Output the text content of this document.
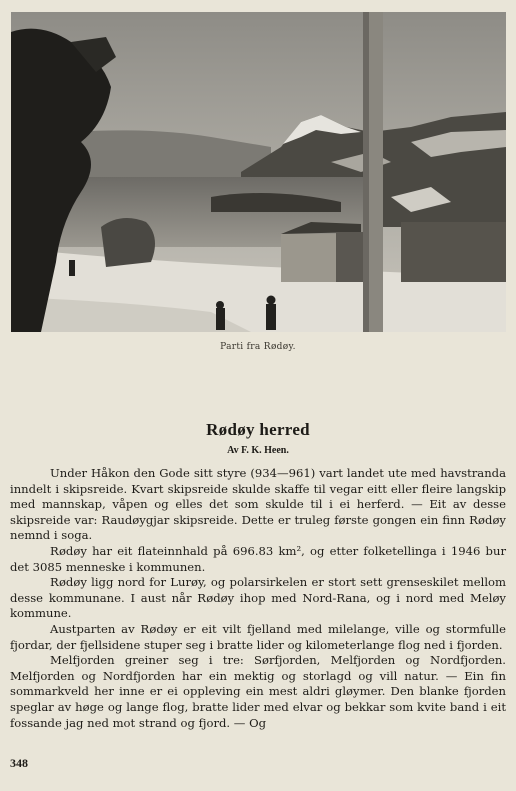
Parti fra Rødøy.
Rødøy herred
Av F. K. Heen.

Under Håkon den Gode sitt styre (934—961) vart landet ute med havstranda inndelt i skipsreide. Kvart skipsreide skulde skaffe til vegar eitt eller fleire langskip med mannskap, våpen og elles det som skulde til i ei herferd. — Eit av desse skipsreide var: Raudøygjar skipsreide. Dette er truleg første gongen ein finn Rødøy nemnd i soga.

Rødøy har eit flateinnhald på 696.83 km², og etter folketellinga i 1946 bur det 3085 menneske i kommunen.

Rødøy ligg nord for Lurøy, og polarsirkelen er stort sett grenseskilet mellom desse kommunane. I aust når Rødøy ihop med Nord-Rana, og i nord med Meløy kommune.

Austparten av Rødøy er eit vilt fjelland med milelange, ville og stormfulle fjordar, der fjellsidene stuper seg i bratte lider og kilometerlange flog ned i fjorden.

Melfjorden greiner seg i tre: Sørfjorden, Melfjorden og Nordfjorden. Melfjorden og Nordfjorden har ein mektig og storlagd og vill natur. — Ein fin sommarkveld her inne er ei oppleving ein mest aldri gløymer. Den blanke fjorden speglar av høge og lange flog, bratte lider med elvar og bekkar som kvite band i eit fossande jag ned mot strand og fjord. — Og

348
